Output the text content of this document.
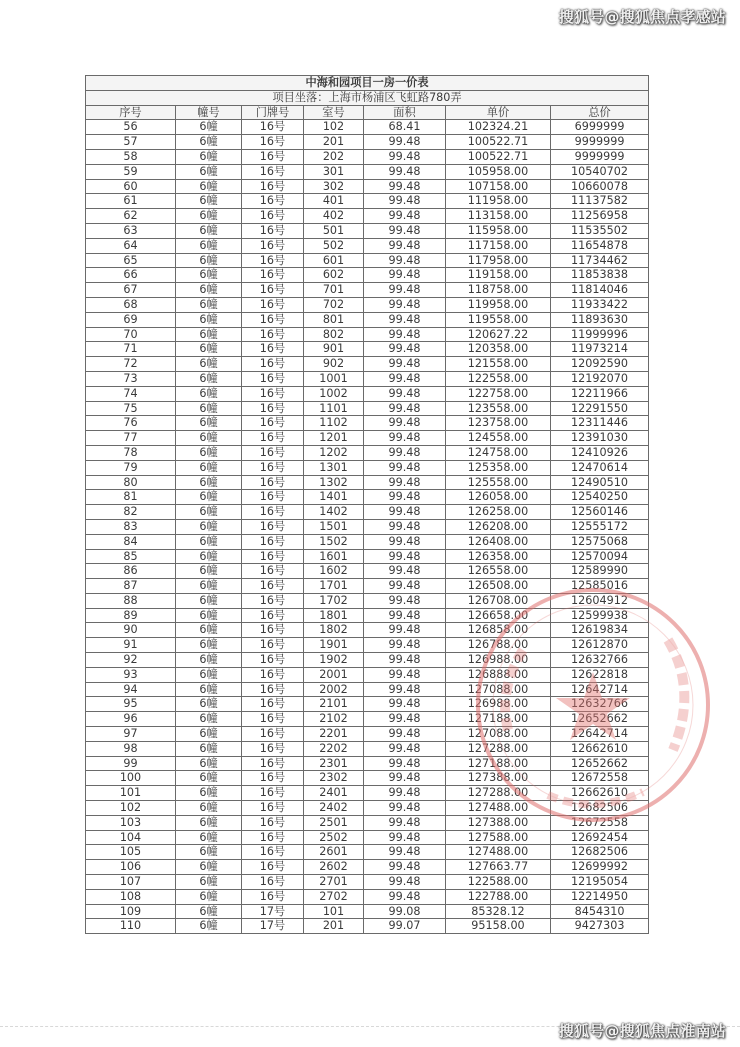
搜狐号@搜狐焦点孝感站
中海和园项目一房一价表						
项目坐落：上海市杨浦区飞虹路780弄						
序号	幢号	门牌号	室号	面积	单价	总价
56	6幢	16号	102	68.41	102324.21	6999999
57	6幢	16号	201	99.48	100522.71	9999999
58	6幢	16号	202	99.48	100522.71	9999999
59	6幢	16号	301	99.48	105958.00	10540702
60	6幢	16号	302	99.48	107158.00	10660078
61	6幢	16号	401	99.48	111958.00	11137582
62	6幢	16号	402	99.48	113158.00	11256958
63	6幢	16号	501	99.48	115958.00	11535502
64	6幢	16号	502	99.48	117158.00	11654878
65	6幢	16号	601	99.48	117958.00	11734462
66	6幢	16号	602	99.48	119158.00	11853838
67	6幢	16号	701	99.48	118758.00	11814046
68	6幢	16号	702	99.48	119958.00	11933422
69	6幢	16号	801	99.48	119558.00	11893630
70	6幢	16号	802	99.48	120627.22	11999996
71	6幢	16号	901	99.48	120358.00	11973214
72	6幢	16号	902	99.48	121558.00	12092590
73	6幢	16号	1001	99.48	122558.00	12192070
74	6幢	16号	1002	99.48	122758.00	12211966
75	6幢	16号	1101	99.48	123558.00	12291550
76	6幢	16号	1102	99.48	123758.00	12311446
77	6幢	16号	1201	99.48	124558.00	12391030
78	6幢	16号	1202	99.48	124758.00	12410926
79	6幢	16号	1301	99.48	125358.00	12470614
80	6幢	16号	1302	99.48	125558.00	12490510
81	6幢	16号	1401	99.48	126058.00	12540250
82	6幢	16号	1402	99.48	126258.00	12560146
83	6幢	16号	1501	99.48	126208.00	12555172
84	6幢	16号	1502	99.48	126408.00	12575068
85	6幢	16号	1601	99.48	126358.00	12570094
86	6幢	16号	1602	99.48	126558.00	12589990
87	6幢	16号	1701	99.48	126508.00	12585016
88	6幢	16号	1702	99.48	126708.00	12604912
89	6幢	16号	1801	99.48	126658.00	12599938
90	6幢	16号	1802	99.48	126858.00	12619834
91	6幢	16号	1901	99.48	126788.00	12612870
92	6幢	16号	1902	99.48	126988.00	12632766
93	6幢	16号	2001	99.48	126888.00	12622818
94	6幢	16号	2002	99.48	127088.00	12642714
95	6幢	16号	2101	99.48	126988.00	12632766
96	6幢	16号	2102	99.48	127188.00	12652662
97	6幢	16号	2201	99.48	127088.00	12642714
98	6幢	16号	2202	99.48	127288.00	12662610
99	6幢	16号	2301	99.48	127188.00	12652662
100	6幢	16号	2302	99.48	127388.00	12672558
101	6幢	16号	2401	99.48	127288.00	12662610
102	6幢	16号	2402	99.48	127488.00	12682506
103	6幢	16号	2501	99.48	127388.00	12672558
104	6幢	16号	2502	99.48	127588.00	12692454
105	6幢	16号	2601	99.48	127488.00	12682506
106	6幢	16号	2602	99.48	127663.77	12699992
107	6幢	16号	2701	99.48	122588.00	12195054
108	6幢	16号	2702	99.48	122788.00	12214950
109	6幢	17号	101	99.08	85328.12	8454310
110	6幢	17号	201	99.07	95158.00	9427303
搜狐号@搜狐焦点淮南站
